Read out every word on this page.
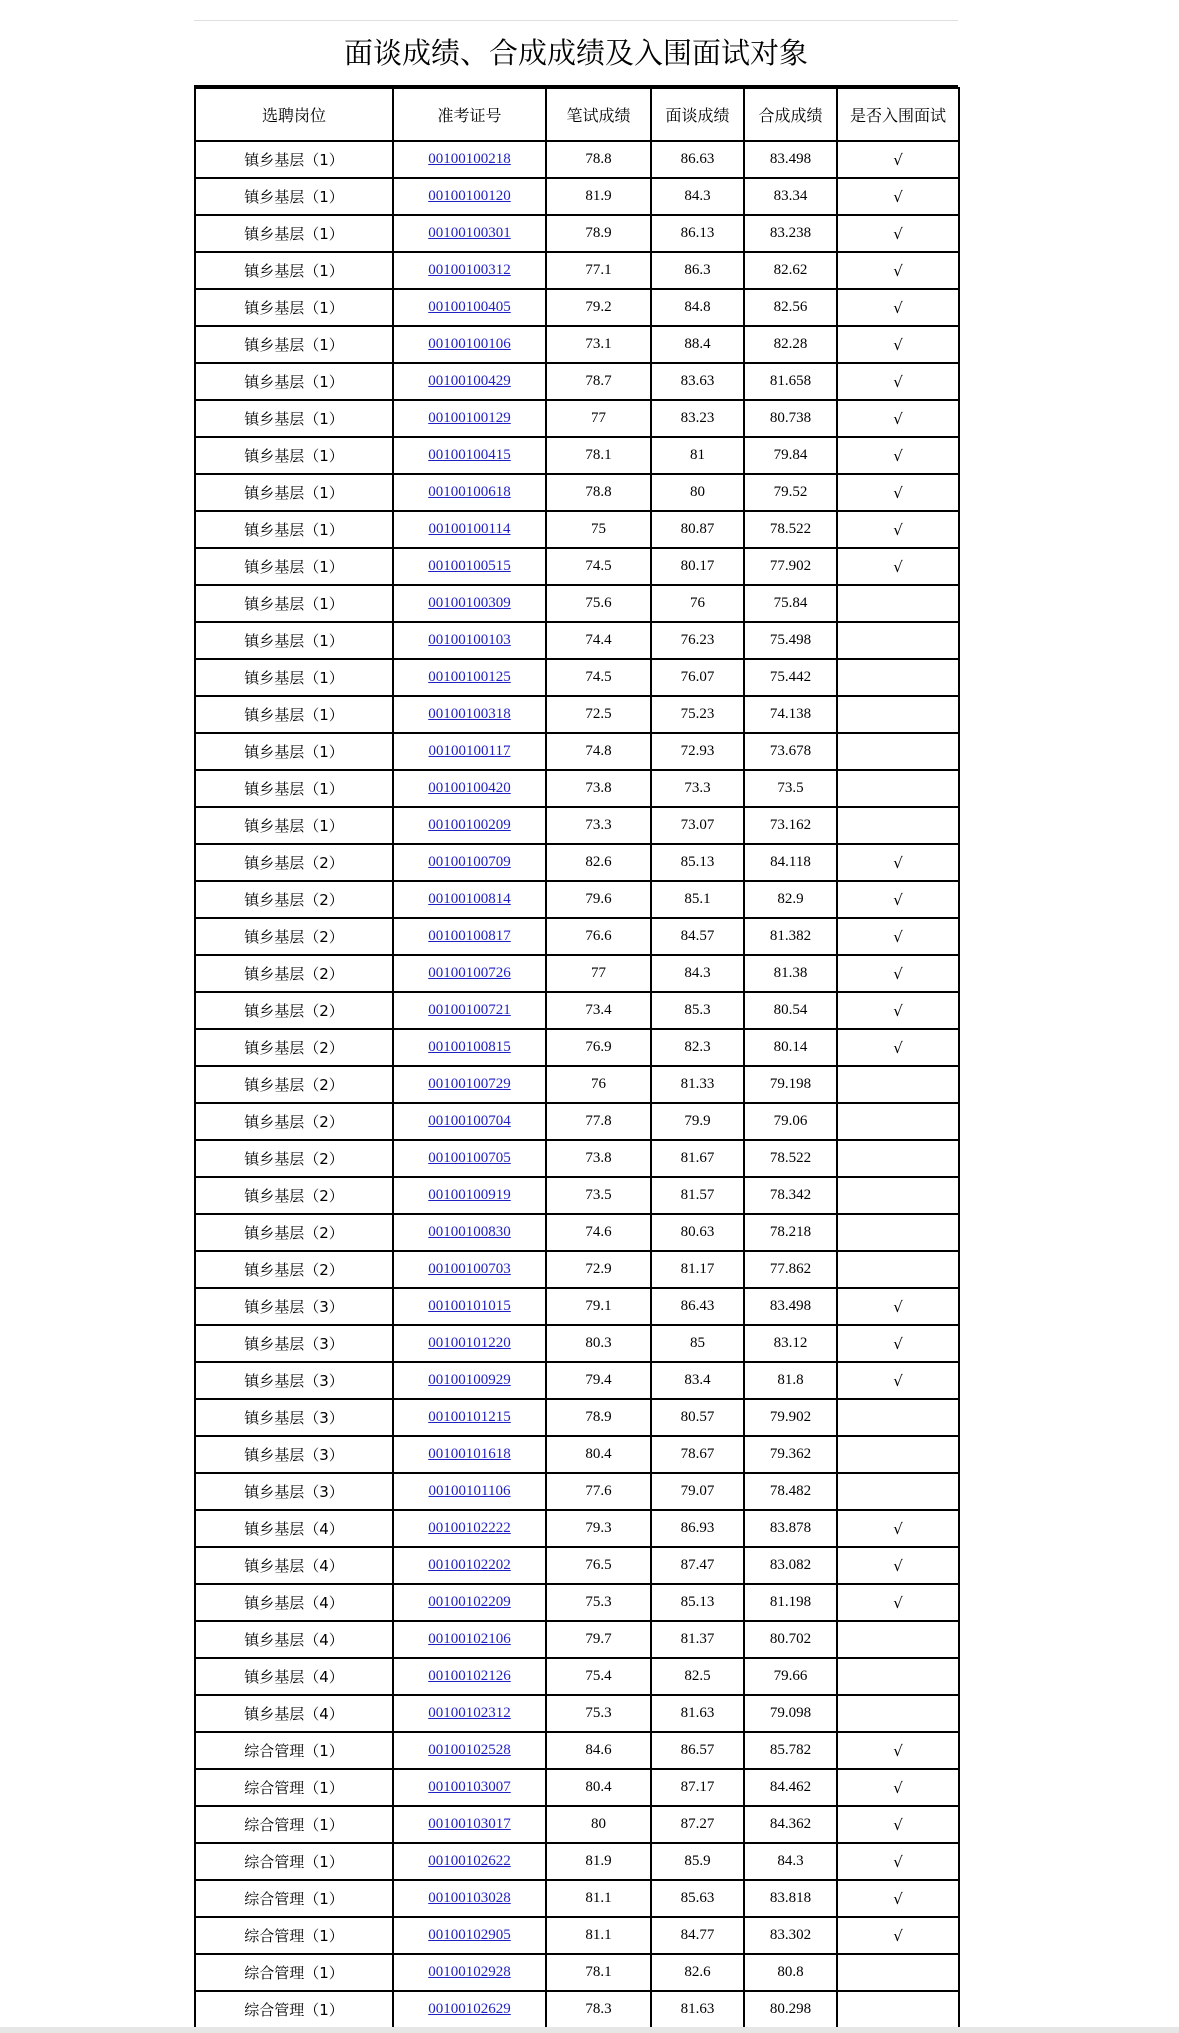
面谈成绩、合成成绩及入围面试对象
选聘岗位	准考证号	笔试成绩	面谈成绩	合成成绩	是否入围面试
镇乡基层（1）	00100100218	78.8	86.63	83.498	√
镇乡基层（1）	00100100120	81.9	84.3	83.34	√
镇乡基层（1）	00100100301	78.9	86.13	83.238	√
镇乡基层（1）	00100100312	77.1	86.3	82.62	√
镇乡基层（1）	00100100405	79.2	84.8	82.56	√
镇乡基层（1）	00100100106	73.1	88.4	82.28	√
镇乡基层（1）	00100100429	78.7	83.63	81.658	√
镇乡基层（1）	00100100129	77	83.23	80.738	√
镇乡基层（1）	00100100415	78.1	81	79.84	√
镇乡基层（1）	00100100618	78.8	80	79.52	√
镇乡基层（1）	00100100114	75	80.87	78.522	√
镇乡基层（1）	00100100515	74.5	80.17	77.902	√
镇乡基层（1）	00100100309	75.6	76	75.84	
镇乡基层（1）	00100100103	74.4	76.23	75.498	
镇乡基层（1）	00100100125	74.5	76.07	75.442	
镇乡基层（1）	00100100318	72.5	75.23	74.138	
镇乡基层（1）	00100100117	74.8	72.93	73.678	
镇乡基层（1）	00100100420	73.8	73.3	73.5	
镇乡基层（1）	00100100209	73.3	73.07	73.162	
镇乡基层（2）	00100100709	82.6	85.13	84.118	√
镇乡基层（2）	00100100814	79.6	85.1	82.9	√
镇乡基层（2）	00100100817	76.6	84.57	81.382	√
镇乡基层（2）	00100100726	77	84.3	81.38	√
镇乡基层（2）	00100100721	73.4	85.3	80.54	√
镇乡基层（2）	00100100815	76.9	82.3	80.14	√
镇乡基层（2）	00100100729	76	81.33	79.198	
镇乡基层（2）	00100100704	77.8	79.9	79.06	
镇乡基层（2）	00100100705	73.8	81.67	78.522	
镇乡基层（2）	00100100919	73.5	81.57	78.342	
镇乡基层（2）	00100100830	74.6	80.63	78.218	
镇乡基层（2）	00100100703	72.9	81.17	77.862	
镇乡基层（3）	00100101015	79.1	86.43	83.498	√
镇乡基层（3）	00100101220	80.3	85	83.12	√
镇乡基层（3）	00100100929	79.4	83.4	81.8	√
镇乡基层（3）	00100101215	78.9	80.57	79.902	
镇乡基层（3）	00100101618	80.4	78.67	79.362	
镇乡基层（3）	00100101106	77.6	79.07	78.482	
镇乡基层（4）	00100102222	79.3	86.93	83.878	√
镇乡基层（4）	00100102202	76.5	87.47	83.082	√
镇乡基层（4）	00100102209	75.3	85.13	81.198	√
镇乡基层（4）	00100102106	79.7	81.37	80.702	
镇乡基层（4）	00100102126	75.4	82.5	79.66	
镇乡基层（4）	00100102312	75.3	81.63	79.098	
综合管理（1）	00100102528	84.6	86.57	85.782	√
综合管理（1）	00100103007	80.4	87.17	84.462	√
综合管理（1）	00100103017	80	87.27	84.362	√
综合管理（1）	00100102622	81.9	85.9	84.3	√
综合管理（1）	00100103028	81.1	85.63	83.818	√
综合管理（1）	00100102905	81.1	84.77	83.302	√
综合管理（1）	00100102928	78.1	82.6	80.8	
综合管理（1）	00100102629	78.3	81.63	80.298	
